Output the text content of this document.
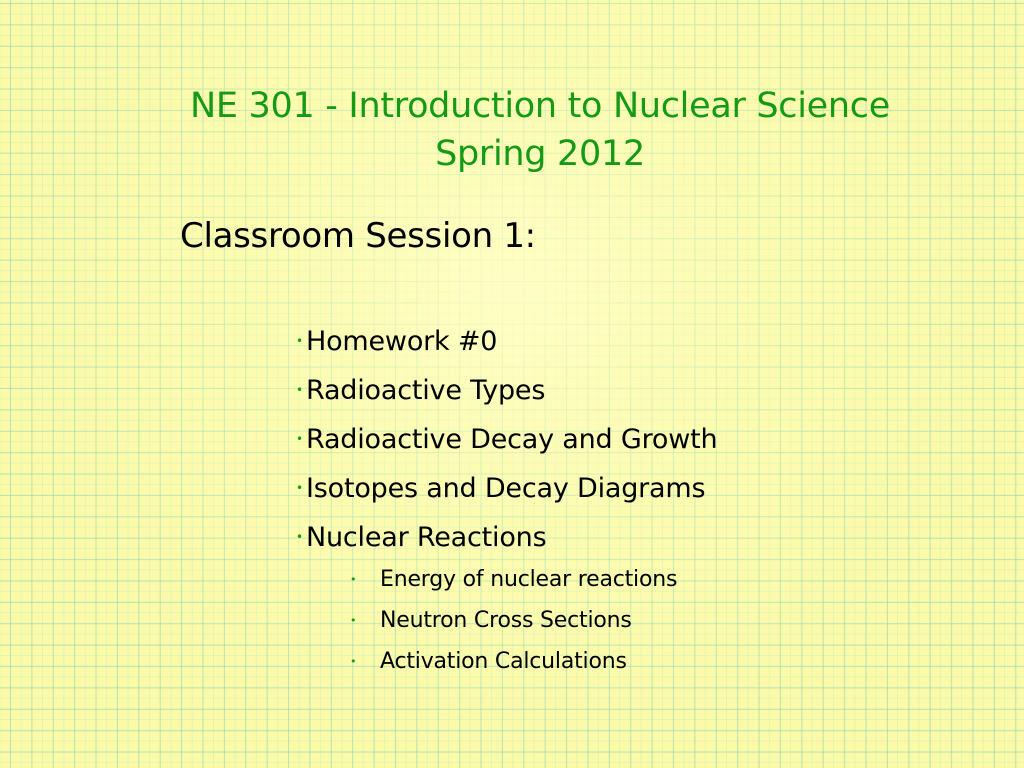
NE 301 - Introduction to Nuclear Science
Spring 2012
Classroom Session 1:
• Homework #0
• Radioactive Types
• Radioactive Decay and Growth
• Isotopes and Decay Diagrams
• Nuclear Reactions
• Energy of nuclear reactions
• Neutron Cross Sections
• Activation Calculations
